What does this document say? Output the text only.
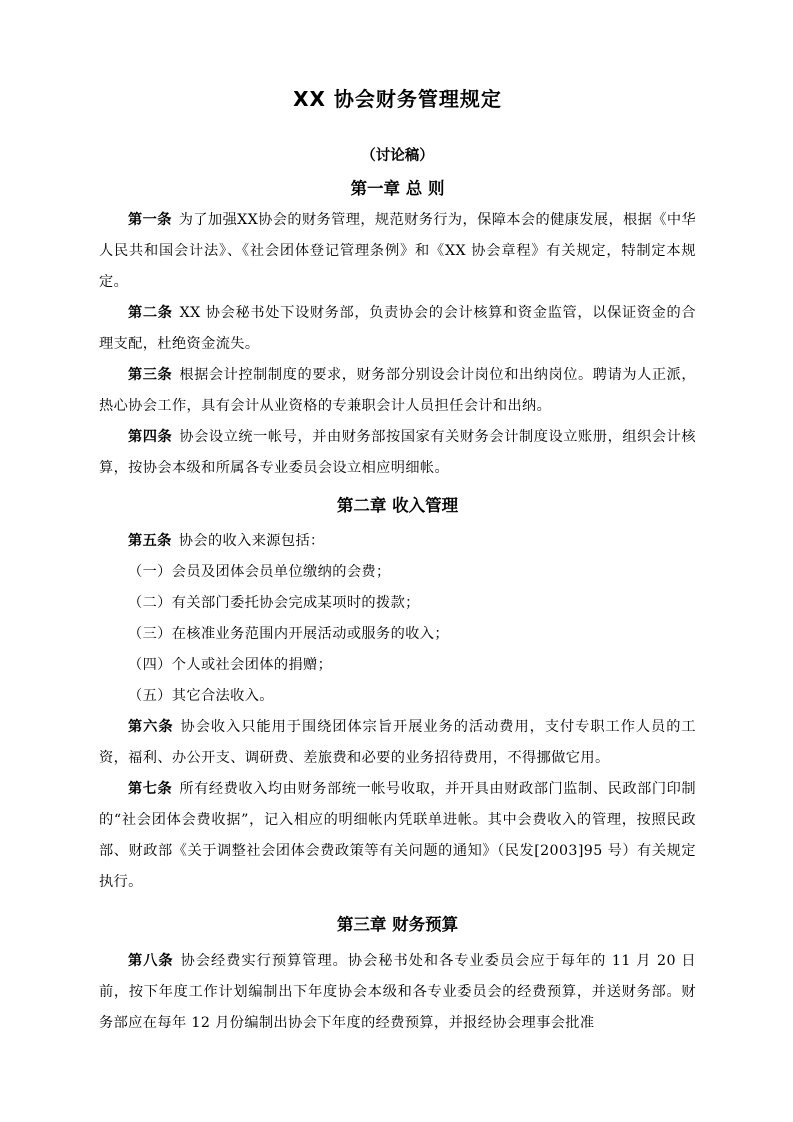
XX 协会财务管理规定
（讨论稿）
第一章 总 则

第一条 为了加强XX协会的财务管理，规范财务行为，保障本会的健康发展，根据《中华人民共和国会计法》、《社会团体登记管理条例》和《XX 协会章程》有关规定，特制定本规定。

第二条 XX 协会秘书处下设财务部，负责协会的会计核算和资金监管，以保证资金的合理支配，杜绝资金流失。

第三条 根据会计控制制度的要求，财务部分别设会计岗位和出纳岗位。聘请为人正派，热心协会工作，具有会计从业资格的专兼职会计人员担任会计和出纳。

第四条 协会设立统一帐号，并由财务部按国家有关财务会计制度设立账册，组织会计核算，按协会本级和所属各专业委员会设立相应明细帐。

第二章 收入管理

第五条 协会的收入来源包括：

（一）会员及团体会员单位缴纳的会费；

（二）有关部门委托协会完成某项时的拨款；

（三）在核准业务范围内开展活动或服务的收入；

（四）个人或社会团体的捐赠；

（五）其它合法收入。

第六条 协会收入只能用于围绕团体宗旨开展业务的活动费用，支付专职工作人员的工资，福利、办公开支、调研费、差旅费和必要的业务招待费用，不得挪做它用。

第七条 所有经费收入均由财务部统一帐号收取，并开具由财政部门监制、民政部门印制的“社会团体会费收据”，记入相应的明细帐内凭联单进帐。其中会费收入的管理，按照民政部、财政部《关于调整社会团体会费政策等有关问题的通知》（民发[2003]95 号）有关规定执行。

第三章 财务预算

第八条 协会经费实行预算管理。协会秘书处和各专业委员会应于每年的 11 月 20 日前，按下年度工作计划编制出下年度协会本级和各专业委员会的经费预算，并送财务部。财务部应在每年 12 月份编制出协会下年度的经费预算，并报经协会理事会批准
